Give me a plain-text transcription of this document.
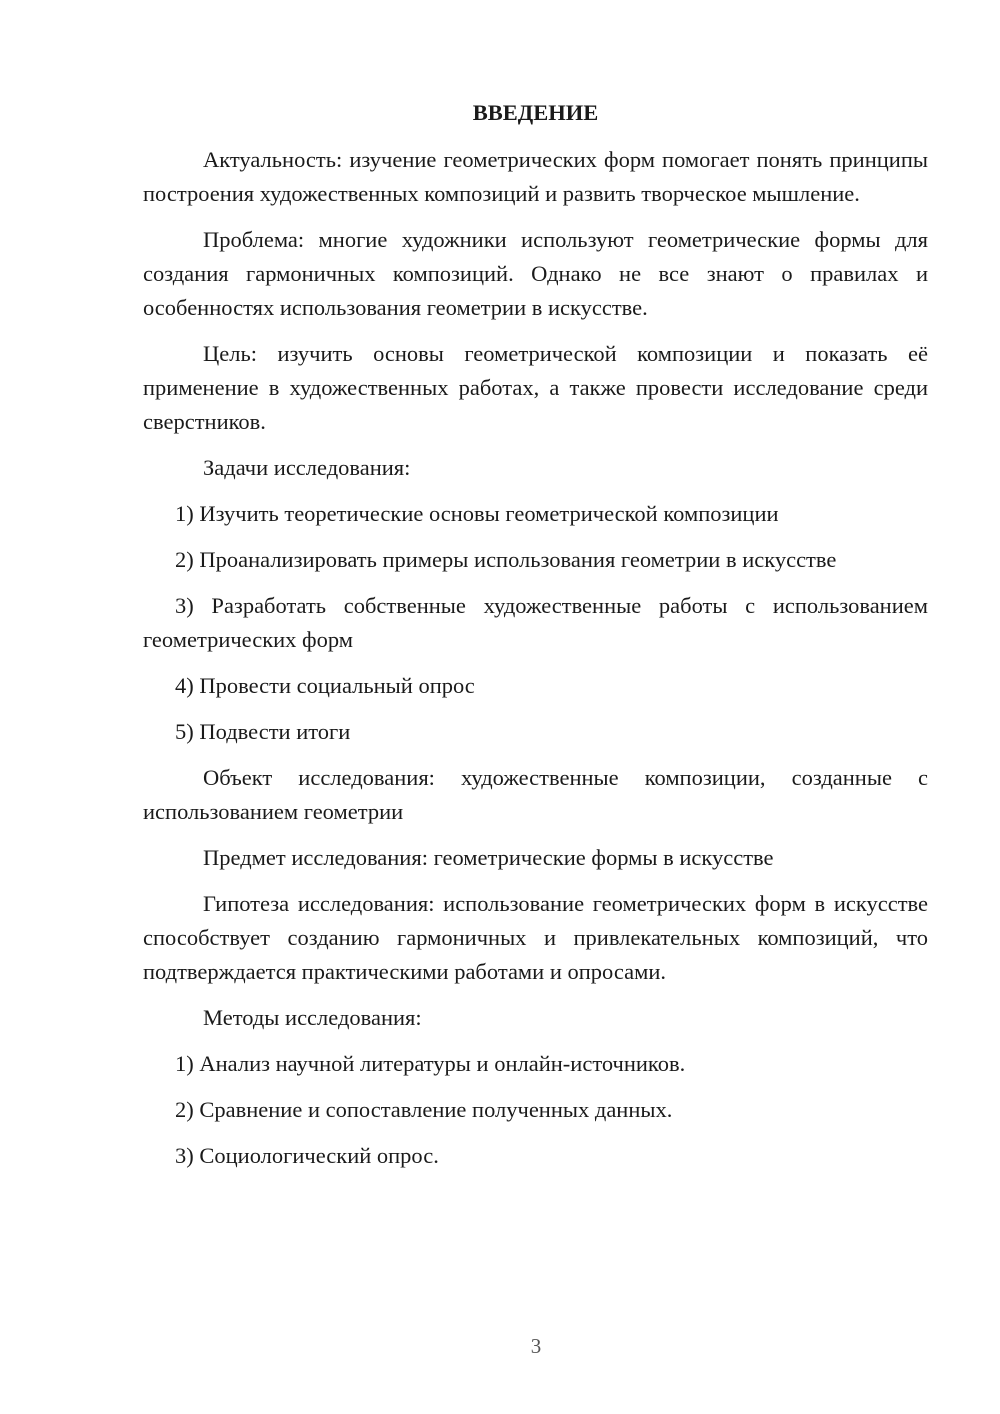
ВВЕДЕНИЕ

Актуальность: изучение геометрических форм помогает понять принципы построения художественных композиций и развить творческое мышление.

Проблема: многие художники используют геометрические формы для создания гармоничных композиций. Однако не все знают о правилах и особенностях использования геометрии в искусстве.

Цель: изучить основы геометрической композиции и показать её применение в художественных работах, а также провести исследование среди сверстников.

Задачи исследования:

1) Изучить теоретические основы геометрической композиции

2) Проанализировать примеры использования геометрии в искусстве

3) Разработать собственные художественные работы с использованием геометрических форм

4) Провести социальный опрос

5) Подвести итоги

Объект исследования: художественные композиции, созданные с использованием геометрии

Предмет исследования: геометрические формы в искусстве

Гипотеза исследования: использование геометрических форм в искусстве способствует созданию гармоничных и привлекательных композиций, что подтверждается практическими работами и опросами.

Методы исследования:

1) Анализ научной литературы и онлайн-источников.

2) Сравнение и сопоставление полученных данных.

3) Социологический опрос.

3
